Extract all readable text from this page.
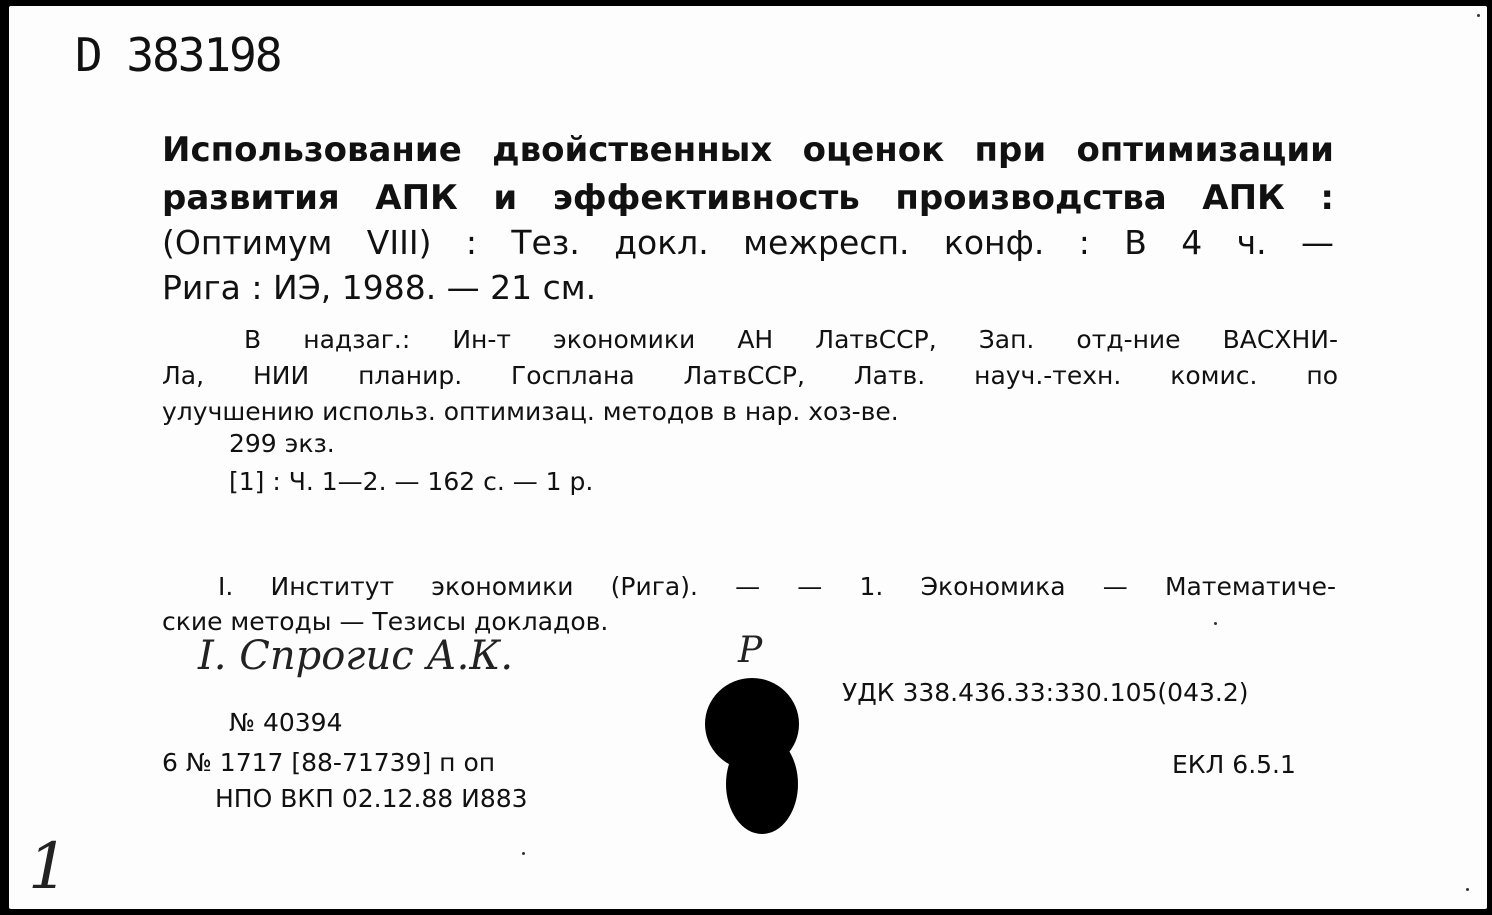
D 383198
Использование двойственных оценок при оптимизации
развития АПК и эффективность производства АПК :
(Оптимум VIII) : Тез. докл. межресп. конф. : В 4 ч. —
Рига : ИЭ, 1988. — 21 см.
В надзаг.: Ин-т экономики АН ЛатвССР, Зап. отд-ние ВАСХНИ-
Ла, НИИ планир. Госплана ЛатвССР, Латв. науч.-техн. комис. по
улучшению использ. оптимизац. методов в нар. хоз-ве.
299 экз.
[1] : Ч. 1—2. — 162 с. — 1 р.
I. Институт экономики (Рига). — — 1. Экономика — Математиче-
ские методы — Тезисы докладов.
I. Спрогис А.К.	Р
1
УДК 338.436.33:330.105(043.2)
ЕКЛ 6.5.1
№ 40394
6 № 1717 [88-71739] п оп
НПО ВКП 02.12.88 И883
